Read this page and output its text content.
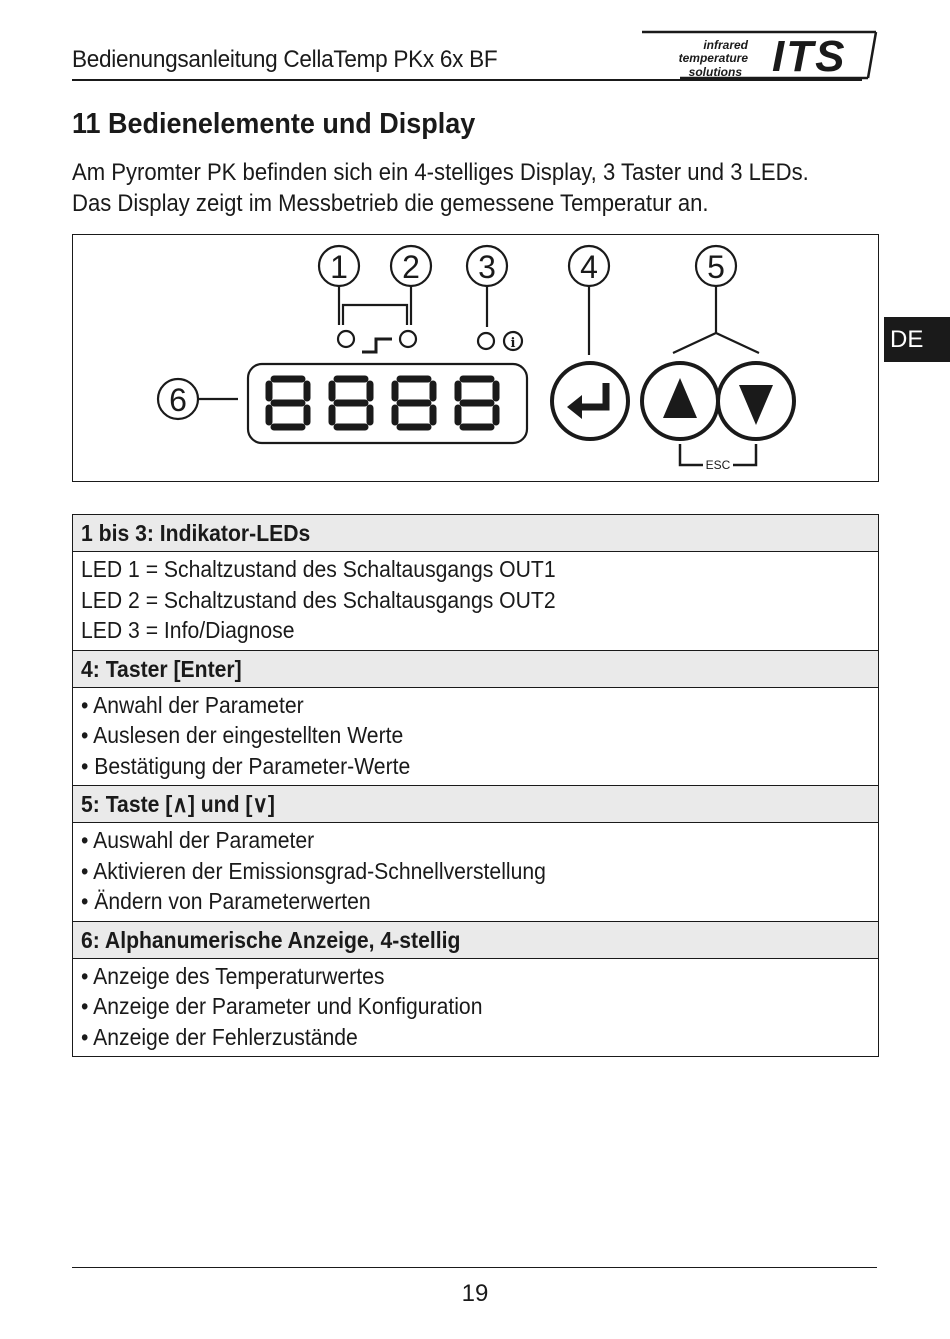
Bedienungsanleitung CellaTemp PKx 6x BF
infrared
temperature
solutions ITS
11 Bedienelemente und Display
Am Pyromter PK befinden sich ein 4-stelliges Display, 3 Taster und 3 LEDs. Das Display zeigt im Messbetrieb die gemessene Temperatur an.
DE
i
1 2 3	4	5
6
ESC
1 bis 3: Indikator-LEDs
LED 1 = Schaltzustand des Schaltausgangs OUT1
LED 2 = Schaltzustand des Schaltausgangs OUT2
LED 3 = Info/Diagnose
4: Taster [Enter]
• Anwahl der Parameter
• Auslesen der eingestellten Werte
• Bestätigung der Parameter-Werte
5: Taste [∧] und [∨]
• Auswahl der Parameter
• Aktivieren der Emissionsgrad-Schnellverstellung
• Ändern von Parameterwerten
6: Alphanumerische Anzeige, 4-stellig
• Anzeige des Temperaturwertes
• Anzeige der Parameter und Konfiguration
• Anzeige der Fehlerzustände
19
